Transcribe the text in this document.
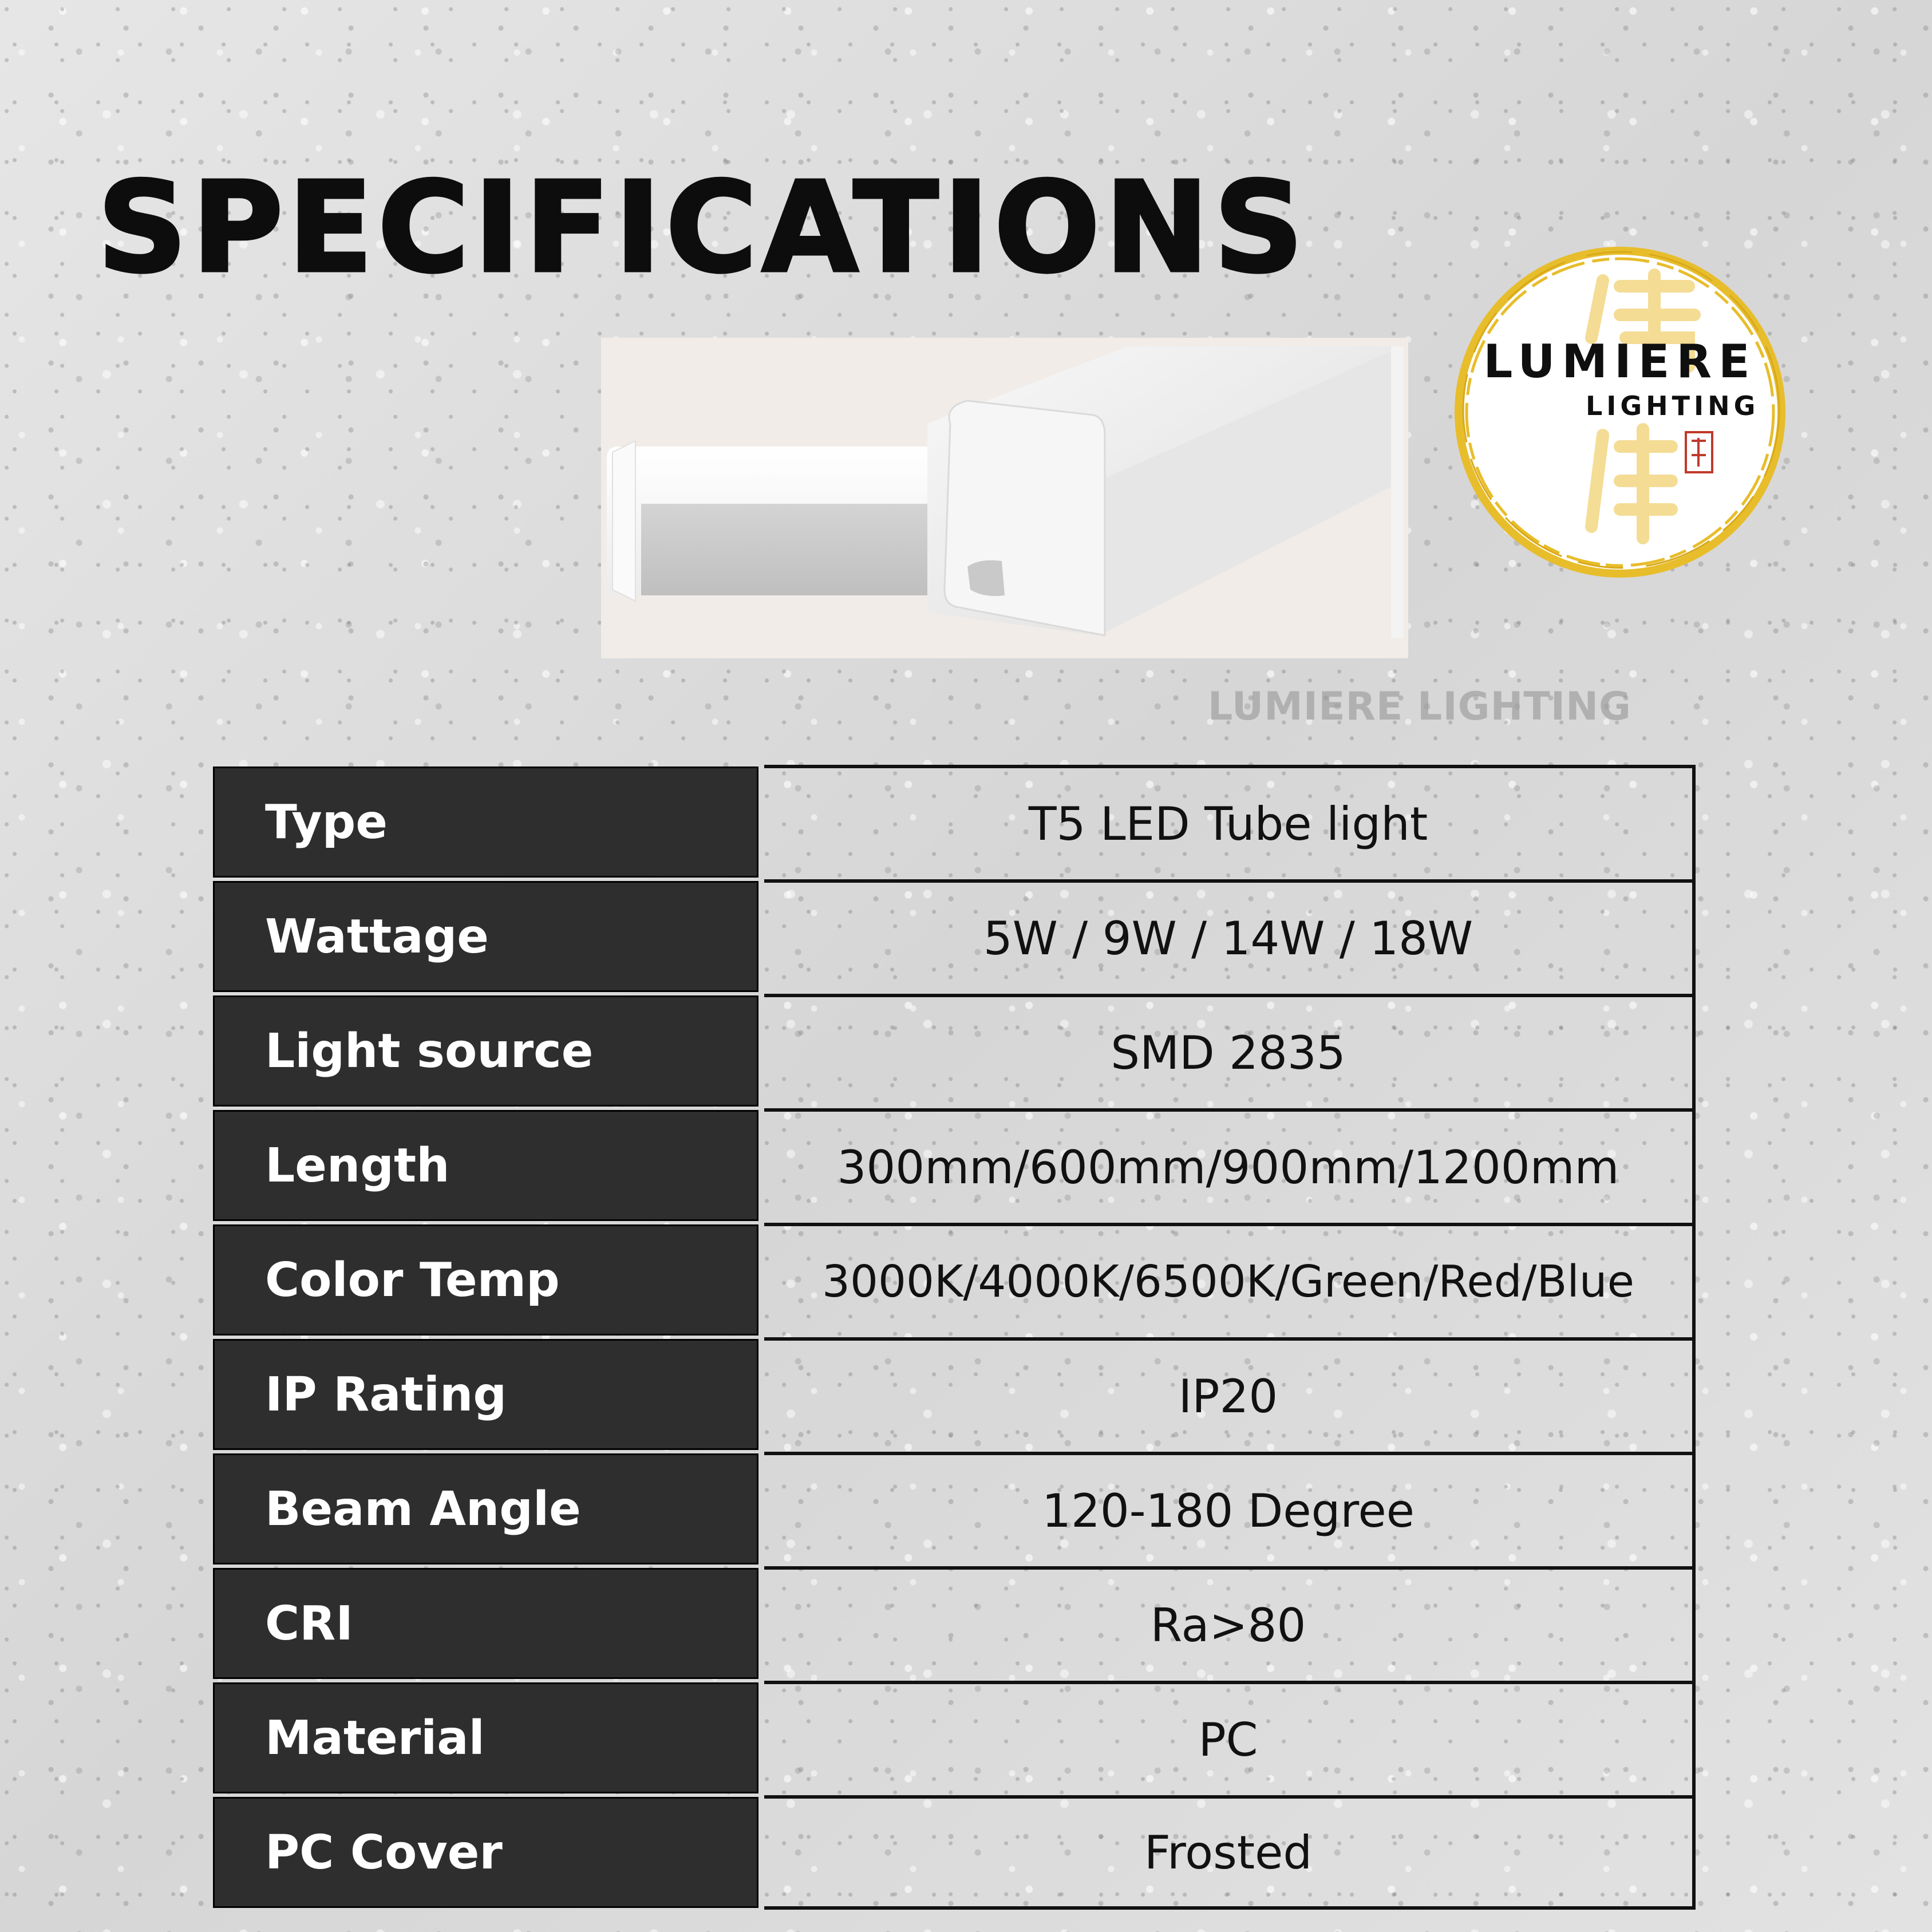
SPECIFICATIONS
LUMIERE
LIGHTING
LUMIERE LIGHTING
Type	T5 LED Tube light
Wattage	5W / 9W / 14W / 18W
Light source	SMD 2835
Length	300mm/600mm/900mm/1200mm
Color Temp	3000K/4000K/6500K/Green/Red/Blue
IP Rating	IP20
Beam Angle	120-180 Degree
CRI	Ra>80
Material	PC
PC Cover	Frosted
